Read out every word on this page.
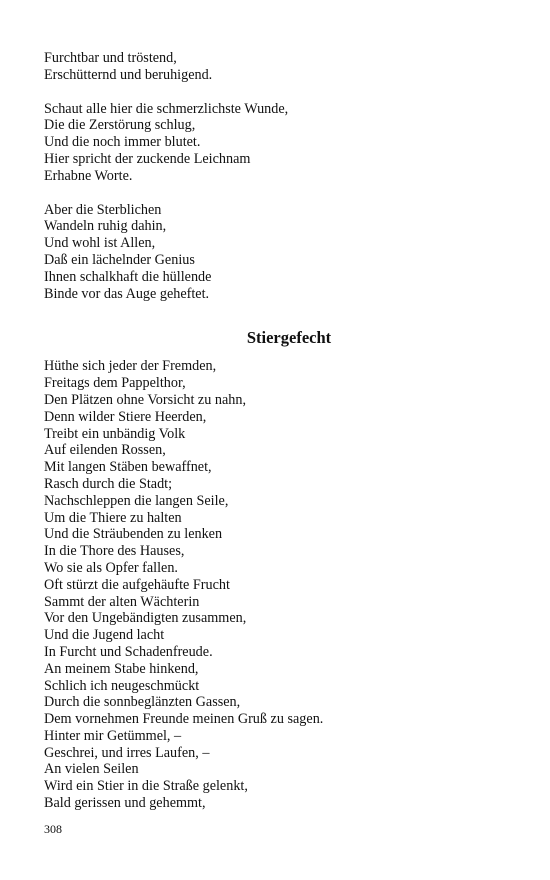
Furchtbar und tröstend,
Erschütternd und beruhigend.
Schaut alle hier die schmerzlichste Wunde,
Die die Zerstörung schlug,
Und die noch immer blutet.
Hier spricht der zuckende Leichnam
Erhabne Worte.
Aber die Sterblichen
Wandeln ruhig dahin,
Und wohl ist Allen,
Daß ein lächelnder Genius
Ihnen schalkhaft die hüllende
Binde vor das Auge geheftet.
Stiergefecht
Hüthe sich jeder der Fremden,
Freitags dem Pappelthor,
Den Plätzen ohne Vorsicht zu nahn,
Denn wilder Stiere Heerden,
Treibt ein unbändig Volk
Auf eilenden Rossen,
Mit langen Stäben bewaffnet,
Rasch durch die Stadt;
Nachschleppen die langen Seile,
Um die Thiere zu halten
Und die Sträubenden zu lenken
In die Thore des Hauses,
Wo sie als Opfer fallen.
Oft stürzt die aufgehäufte Frucht
Sammt der alten Wächterin
Vor den Ungebändigten zusammen,
Und die Jugend lacht
In Furcht und Schadenfreude.
An meinem Stabe hinkend,
Schlich ich neugeschmückt
Durch die sonnbeglänzten Gassen,
Dem vornehmen Freunde meinen Gruß zu sagen.
Hinter mir Getümmel, –
Geschrei, und irres Laufen, –
An vielen Seilen
Wird ein Stier in die Straße gelenkt,
Bald gerissen und gehemmt,
308
